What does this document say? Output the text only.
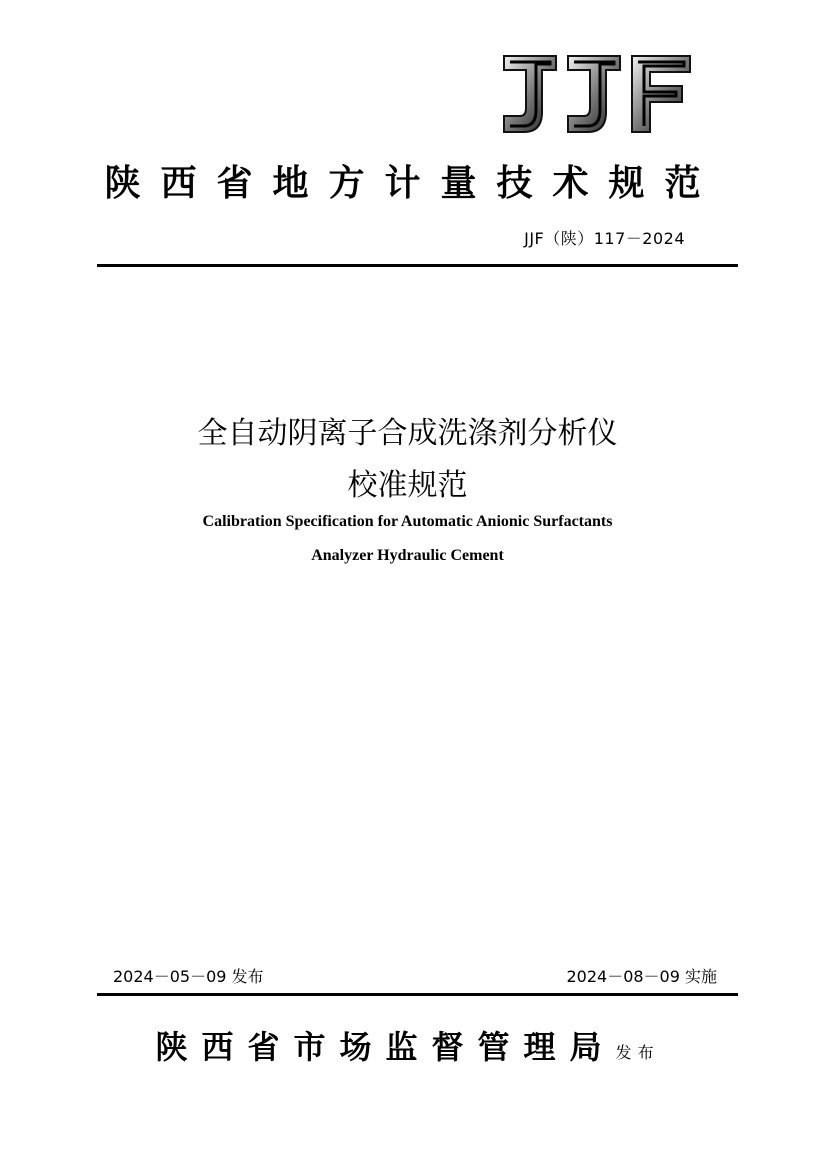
陕西省地方计量技术规范
JJF（陕）117－2024
全自动阴离子合成洗涤剂分析仪
校准规范
Calibration Specification for Automatic Anionic Surfactants
Analyzer Hydraulic Cement
2024－05－09 发布	2024－08－09 实施
陕西省市场监督管理局发布
